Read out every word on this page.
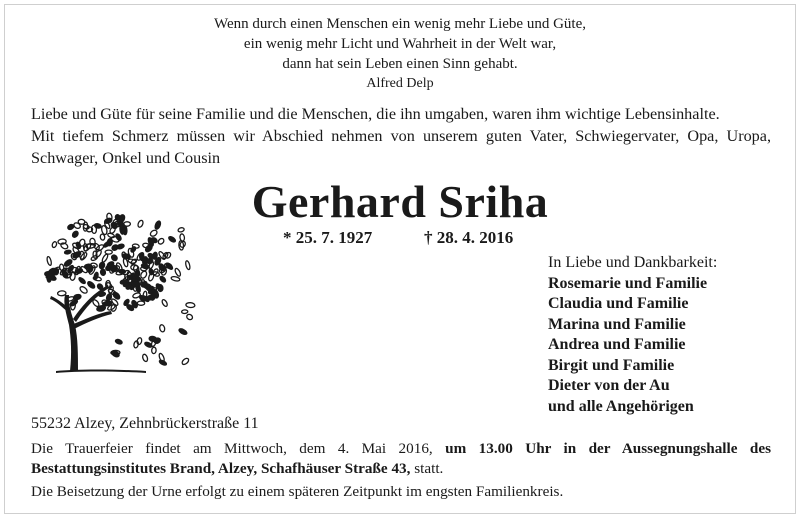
Wenn durch einen Menschen ein wenig mehr Liebe und Güte,
ein wenig mehr Licht und Wahrheit in der Welt war,
dann hat sein Leben einen Sinn gehabt.
Alfred Delp
Liebe und Güte für seine Familie und die Menschen, die ihn umgaben, waren ihm wichtige Lebensinhalte.
Mit tiefem Schmerz müssen wir Abschied nehmen von unserem guten Vater, Schwiegervater, Opa, Uropa, Schwager, Onkel und Cousin
Gerhard Sriha
* 25. 7. 1927	† 28. 4. 2016
In Liebe und Dankbarkeit:
Rosemarie und Familie
Claudia und Familie
Marina und Familie
Andrea und Familie
Birgit und Familie
Dieter von der Au
und alle Angehörigen
55232 Alzey, Zehnbrückerstraße 11
Die Trauerfeier findet am Mittwoch, dem 4. Mai 2016, um 13.00 Uhr in der Aussegnungshalle des Bestattungsinstitutes Brand, Alzey, Schafhäuser Straße 43, statt.
Die Beisetzung der Urne erfolgt zu einem späteren Zeitpunkt im engsten Familienkreis.
